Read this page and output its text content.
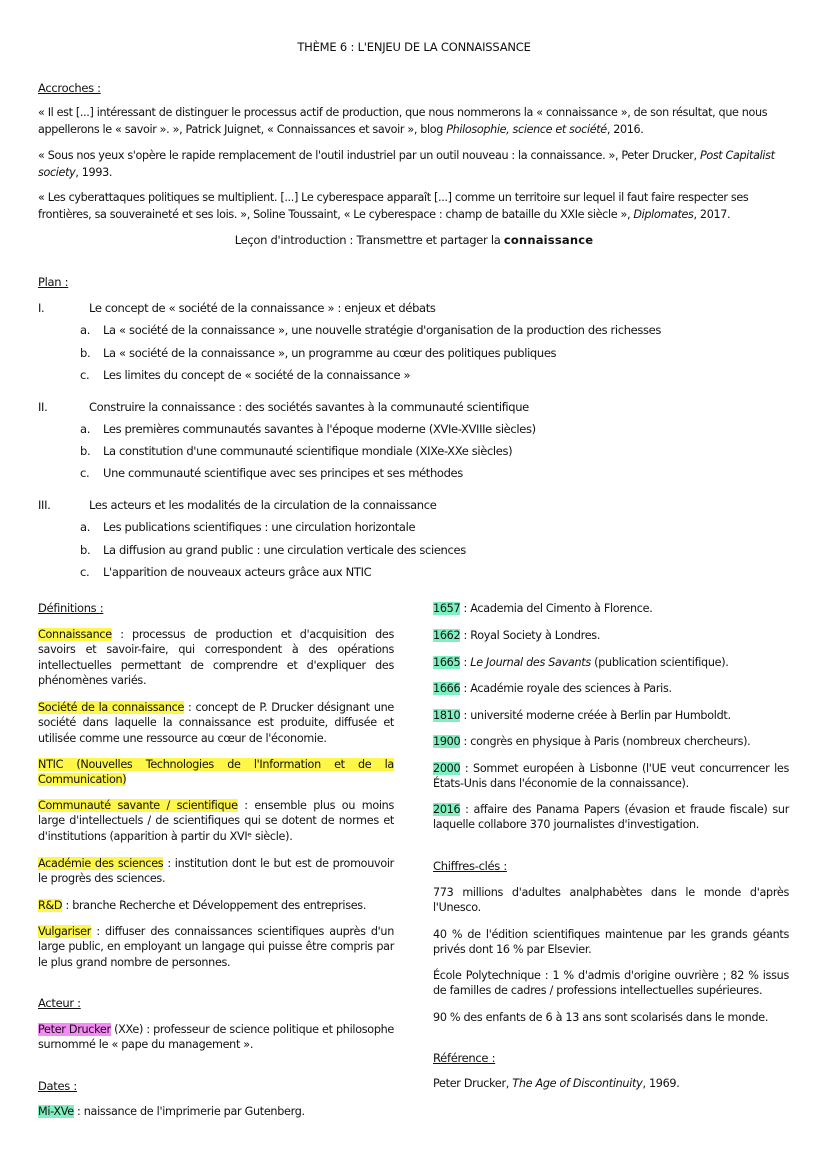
THÈME 6 : L'ENJEU DE LA CONNAISSANCE
Accroches :
« Il est [...] intéressant de distinguer le processus actif de production, que nous nommerons la « connaissance », de son résultat, que nous appellerons le « savoir ». », Patrick Juignet, « Connaissances et savoir », blog Philosophie, science et société, 2016.
« Sous nos yeux s'opère le rapide remplacement de l'outil industriel par un outil nouveau : la connaissance. », Peter Drucker, Post Capitalist society, 1993.
« Les cyberattaques politiques se multiplient. [...] Le cyberespace apparaît [...] comme un territoire sur lequel il faut faire respecter ses frontières, sa souveraineté et ses lois. », Soline Toussaint, « Le cyberespace : champ de bataille du XXIe siècle », Diplomates, 2017.
Leçon d'introduction : Transmettre et partager la connaissance
Plan :
I.	Le concept de « société de la connaissance » : enjeux et débats
a. La « société de la connaissance », une nouvelle stratégie d'organisation de la production des richesses
b. La « société de la connaissance », un programme au cœur des politiques publiques
c. Les limites du concept de « société de la connaissance »
II.	Construire la connaissance : des sociétés savantes à la communauté scientifique
a. Les premières communautés savantes à l'époque moderne (XVIe-XVIIIe siècles)
b. La constitution d'une communauté scientifique mondiale (XIXe-XXe siècles)
c. Une communauté scientifique avec ses principes et ses méthodes
III.	Les acteurs et les modalités de la circulation de la connaissance
a. Les publications scientifiques : une circulation horizontale
b. La diffusion au grand public : une circulation verticale des sciences
c. L'apparition de nouveaux acteurs grâce aux NTIC
Définitions :
Connaissance : processus de production et d'acquisition des savoirs et savoir-faire, qui correspondent à des opérations intellectuelles permettant de comprendre et d'expliquer des phénomènes variés.
Société de la connaissance : concept de P. Drucker désignant une société dans laquelle la connaissance est produite, diffusée et utilisée comme une ressource au cœur de l'économie.
NTIC (Nouvelles Technologies de l'Information et de la Communication)
Communauté savante / scientifique : ensemble plus ou moins large d'intellectuels / de scientifiques qui se dotent de normes et d'institutions (apparition à partir du XVIᵉ siècle).
Académie des sciences : institution dont le but est de promouvoir le progrès des sciences.
R&D : branche Recherche et Développement des entreprises.
Vulgariser : diffuser des connaissances scientifiques auprès d'un large public, en employant un langage qui puisse être compris par le plus grand nombre de personnes.
Acteur :
Peter Drucker (XXe) : professeur de science politique et philosophe surnommé le « pape du management ».
Dates :
Mi-XVe : naissance de l'imprimerie par Gutenberg.
1657 : Academia del Cimento à Florence.
1662 : Royal Society à Londres.
1665 : Le Journal des Savants (publication scientifique).
1666 : Académie royale des sciences à Paris.
1810 : université moderne créée à Berlin par Humboldt.
1900 : congrès en physique à Paris (nombreux chercheurs).
2000 : Sommet européen à Lisbonne (l'UE veut concurrencer les États-Unis dans l'économie de la connaissance).
2016 : affaire des Panama Papers (évasion et fraude fiscale) sur laquelle collabore 370 journalistes d'investigation.
Chiffres-clés :
773 millions d'adultes analphabètes dans le monde d'après l'Unesco.
40 % de l'édition scientifiques maintenue par les grands géants privés dont 16 % par Elsevier.
École Polytechnique : 1 % d'admis d'origine ouvrière ; 82 % issus de familles de cadres / professions intellectuelles supérieures.
90 % des enfants de 6 à 13 ans sont scolarisés dans le monde.
Référence :
Peter Drucker, The Age of Discontinuity, 1969.
